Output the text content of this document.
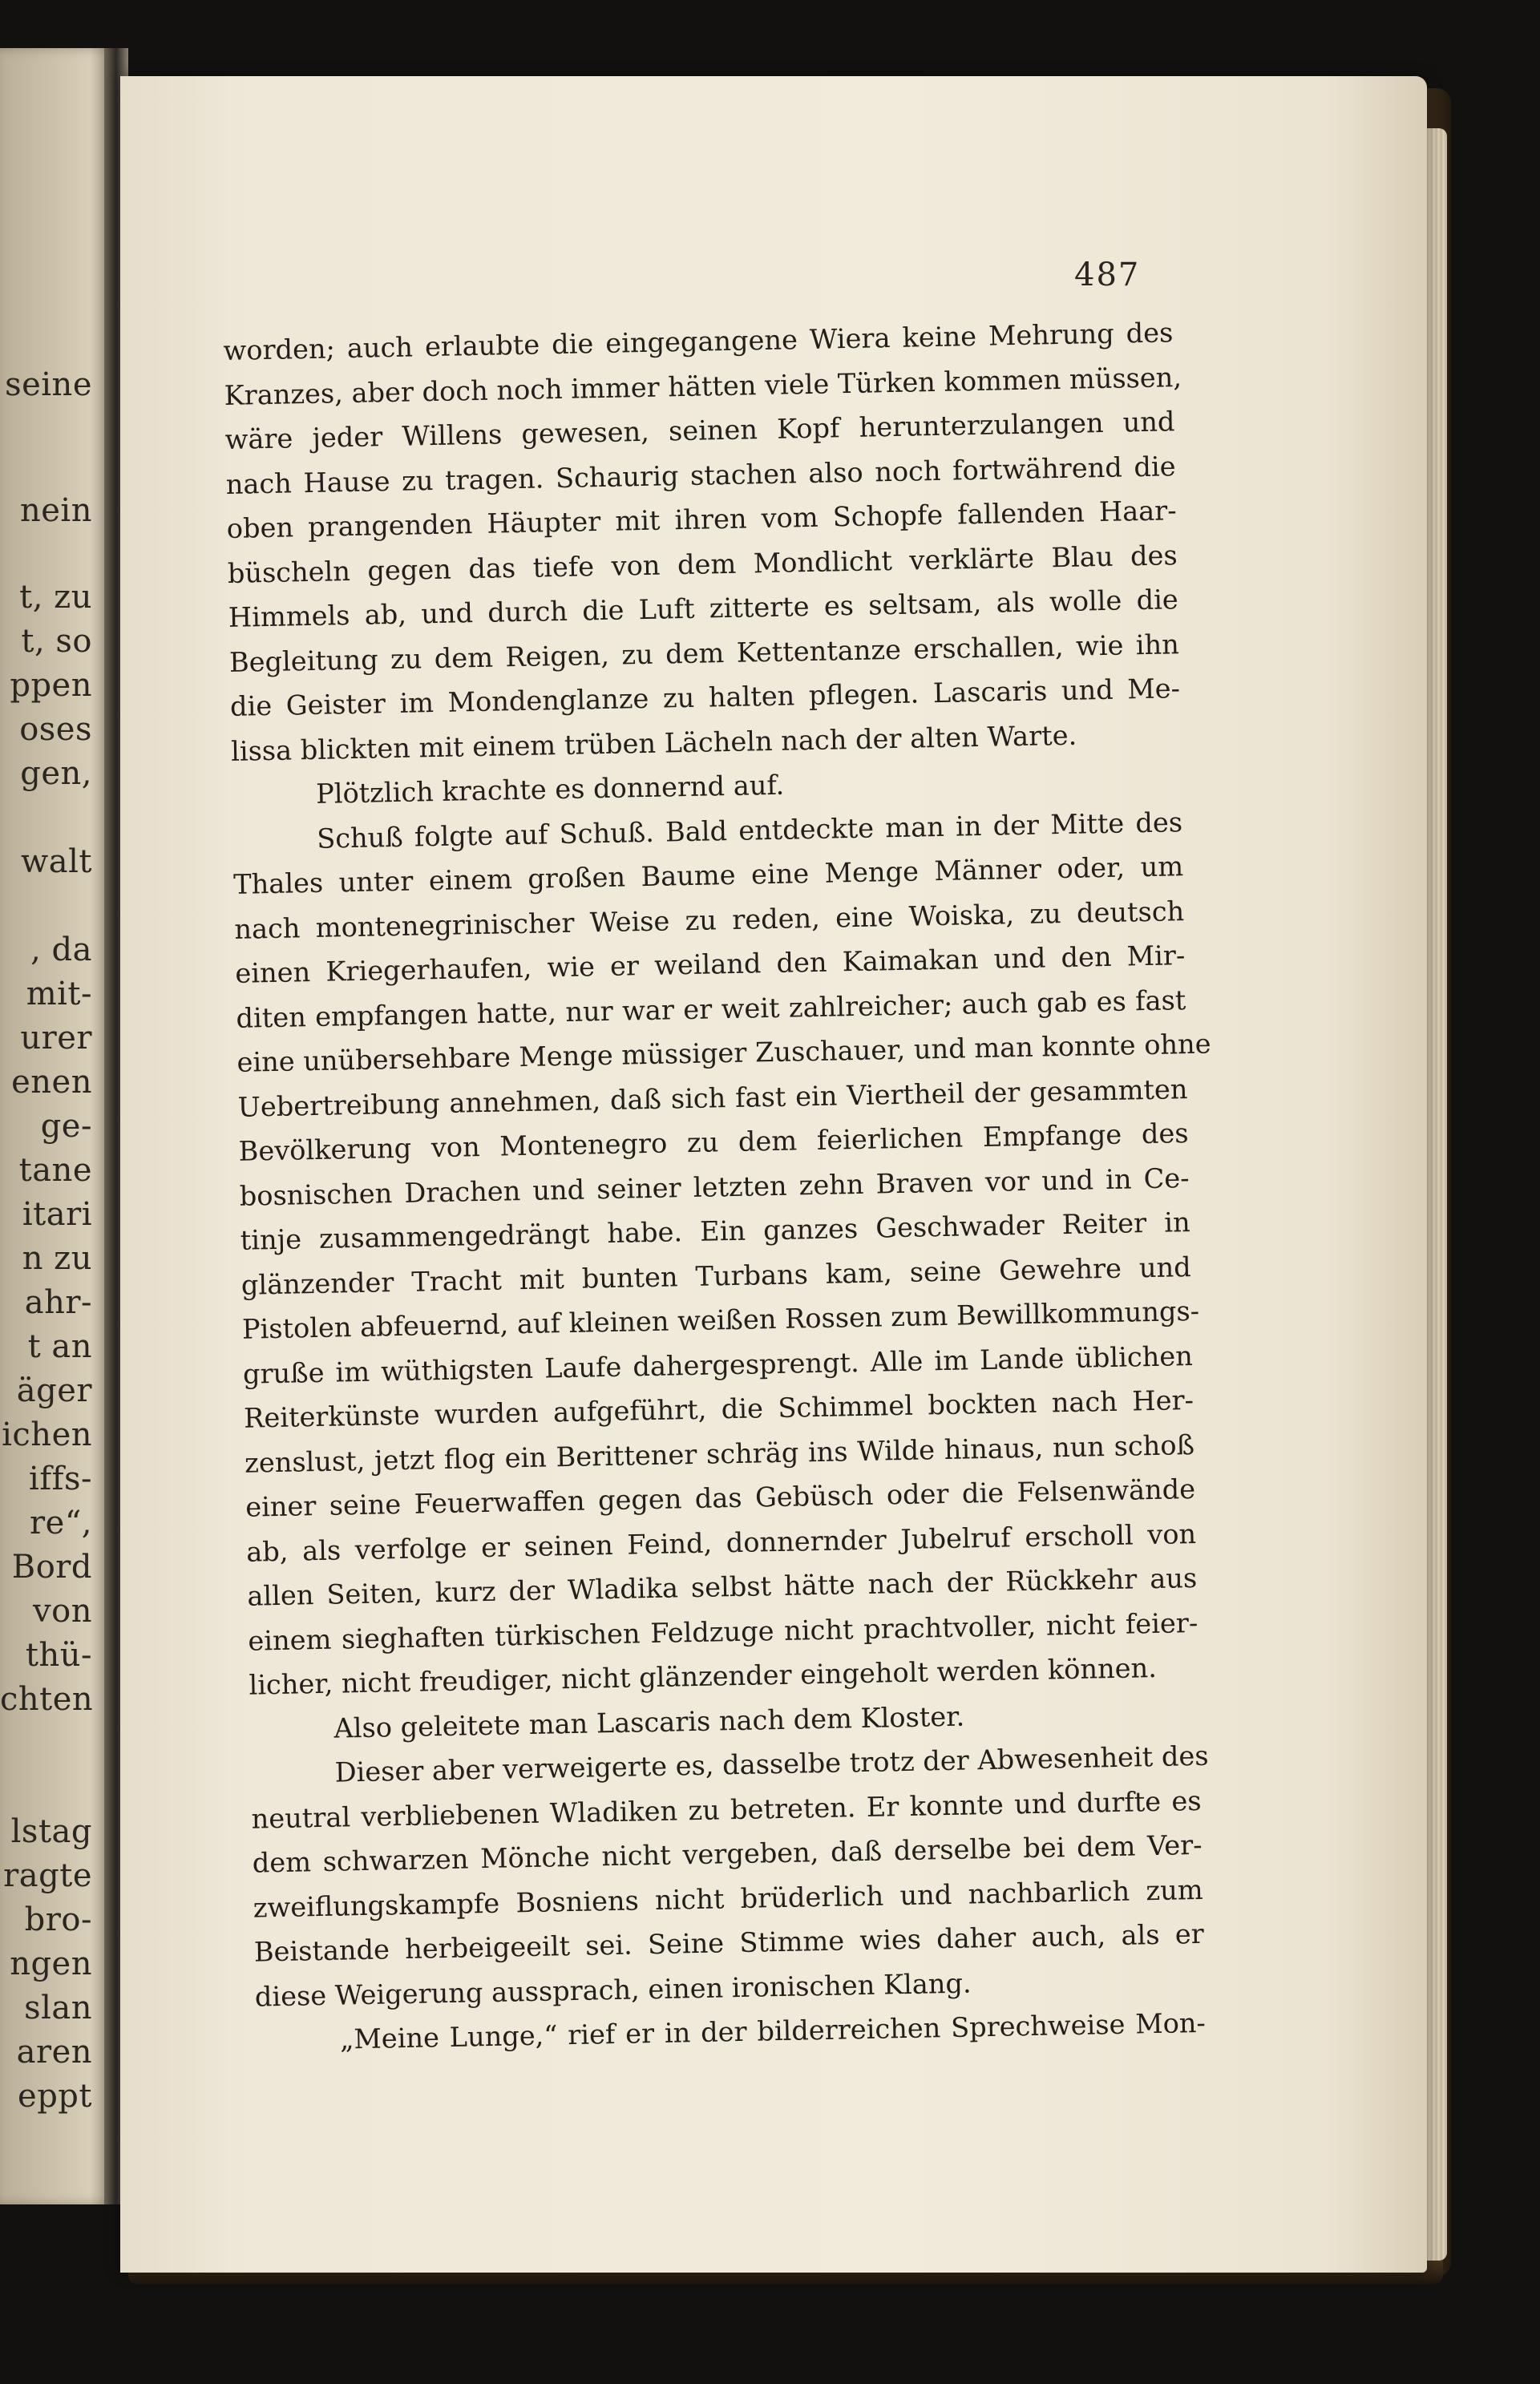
seine
nein
t, zu
t, so
ppen
oses
gen,
walt
, da
mit-
urer
enen
ge-
tane
itari
n zu
ahr-
t an
äger
ichen
iffs-
re“,
Bord
von
thü-
chten
lstag
ragte
bro-
ngen
slan
aren
eppt
487
worden; auch erlaubte die eingegangene Wiera keine Mehrung des
Kranzes, aber doch noch immer hätten viele Türken kommen müssen,
wäre jeder Willens gewesen, seinen Kopf herunterzulangen und
nach Hause zu tragen. Schaurig stachen also noch fortwährend die
oben prangenden Häupter mit ihren vom Schopfe fallenden Haar-
büscheln gegen das tiefe von dem Mondlicht verklärte Blau des
Himmels ab, und durch die Luft zitterte es seltsam, als wolle die
Begleitung zu dem Reigen, zu dem Kettentanze erschallen, wie ihn
die Geister im Mondenglanze zu halten pflegen. Lascaris und Me-
lissa blickten mit einem trüben Lächeln nach der alten Warte.
Plötzlich krachte es donnernd auf.
Schuß folgte auf Schuß. Bald entdeckte man in der Mitte des
Thales unter einem großen Baume eine Menge Männer oder, um
nach montenegrinischer Weise zu reden, eine Woiska, zu deutsch
einen Kriegerhaufen, wie er weiland den Kaimakan und den Mir-
diten empfangen hatte, nur war er weit zahlreicher; auch gab es fast
eine unübersehbare Menge müssiger Zuschauer, und man konnte ohne
Uebertreibung annehmen, daß sich fast ein Viertheil der gesammten
Bevölkerung von Montenegro zu dem feierlichen Empfange des
bosnischen Drachen und seiner letzten zehn Braven vor und in Ce-
tinje zusammengedrängt habe. Ein ganzes Geschwader Reiter in
glänzender Tracht mit bunten Turbans kam, seine Gewehre und
Pistolen abfeuernd, auf kleinen weißen Rossen zum Bewillkommungs-
gruße im wüthigsten Laufe dahergesprengt. Alle im Lande üblichen
Reiterkünste wurden aufgeführt, die Schimmel bockten nach Her-
zenslust, jetzt flog ein Berittener schräg ins Wilde hinaus, nun schoß
einer seine Feuerwaffen gegen das Gebüsch oder die Felsenwände
ab, als verfolge er seinen Feind, donnernder Jubelruf erscholl von
allen Seiten, kurz der Wladika selbst hätte nach der Rückkehr aus
einem sieghaften türkischen Feldzuge nicht prachtvoller, nicht feier-
licher, nicht freudiger, nicht glänzender eingeholt werden können.
Also geleitete man Lascaris nach dem Kloster.
Dieser aber verweigerte es, dasselbe trotz der Abwesenheit des
neutral verbliebenen Wladiken zu betreten. Er konnte und durfte es
dem schwarzen Mönche nicht vergeben, daß derselbe bei dem Ver-
zweiflungskampfe Bosniens nicht brüderlich und nachbarlich zum
Beistande herbeigeeilt sei. Seine Stimme wies daher auch, als er
diese Weigerung aussprach, einen ironischen Klang.
„Meine Lunge,“ rief er in der bilderreichen Sprechweise Mon-
